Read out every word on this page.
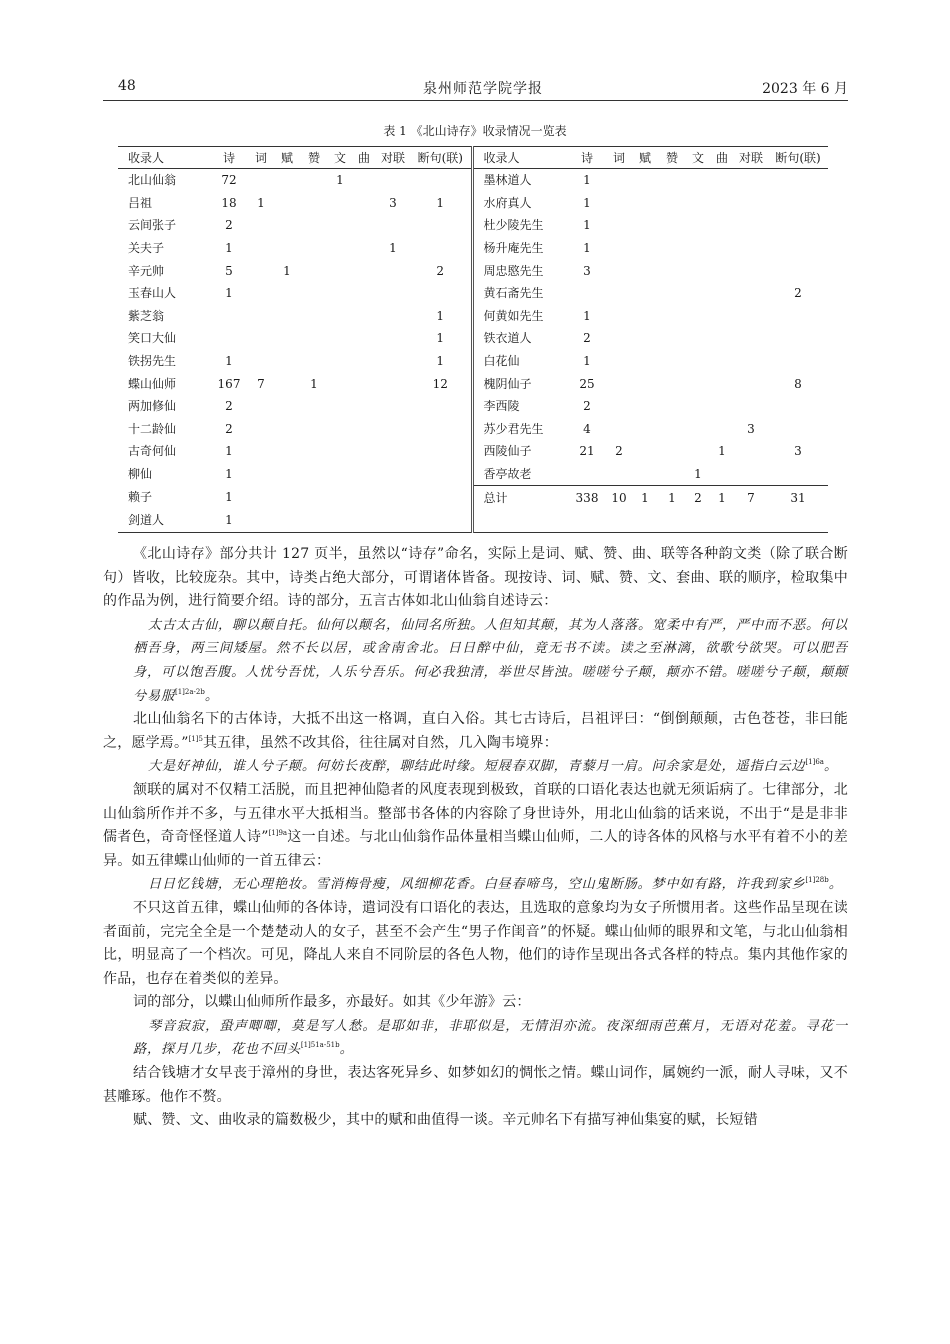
48	泉州师范学院学报	2023 年 6 月
表 1 《北山诗存》收录情况一览表
收录人	诗	词	赋	赞	文	曲	对联	断句(联)	收录人	诗	词	赋	赞	文	曲	对联	断句(联)
北山仙翁	72				1				墨林道人	1							
吕祖	18	1					3	1	水府真人	1							
云间张子	2								杜少陵先生	1							
关夫子	1						1		杨升庵先生	1							
辛元帅	5		1					2	周忠愍先生	3							
玉春山人	1								黄石斋先生								2
紫芝翁								1	何黄如先生	1							
笑口大仙								1	铁衣道人	2							
铁拐先生	1							1	白花仙	1							
蝶山仙师	167	7		1				12	槐阴仙子	25							8
两加修仙	2								李西陵	2							
十二龄仙	2								苏少君先生	4						3	
古奇何仙	1								西陵仙子	21	2				1		3
柳仙	1								香亭故老					1			
赖子	1								总计	338	10	1	1	2	1	7	31
剑道人	1																

《北山诗存》部分共计 127 页半，虽然以“诗存”命名，实际上是词、赋、赞、曲、联等各种韵文类（除了联合断句）皆收，比较庞杂。其中，诗类占绝大部分，可谓诸体皆备。现按诗、词、赋、赞、文、套曲、联的顺序，检取集中的作品为例，进行简要介绍。诗的部分，五言古体如北山仙翁自述诗云：

太古太古仙，聊以颠自托。仙何以颠名，仙同名所独。人但知其颠，其为人落落。宽柔中有严，严中而不恶。何以栖吾身，两三间矮屋。然不长以居，或舍南舍北。日日醉中仙，竟无书不读。读之至淋漓，欲歌兮欲哭。可以肥吾身，可以饱吾腹。人忧兮吾忧，人乐兮吾乐。何必我独清，举世尽皆浊。嗟嗟兮子颠，颠亦不错。嗟嗟兮子颠，颠颠兮易服$^{[1]2a-2b}$。

北山仙翁名下的古体诗，大抵不出这一格调，直白入俗。其七古诗后，吕祖评曰：“倒倒颠颠，古色苍苍，非曰能之，愿学焉。”$^{[1]5}$其五律，虽然不改其俗，往往属对自然，几入陶韦境界：

大是好神仙，谁人兮子颠。何妨长夜醉，聊结此时缘。短屐春双脚，青藜月一肩。问余家是处，遥指白云边$^{[1]6a}$。

颔联的属对不仅精工活脱，而且把神仙隐者的风度表现到极致，首联的口语化表达也就无须诟病了。七律部分，北山仙翁所作并不多，与五律水平大抵相当。整部书各体的内容除了身世诗外，用北山仙翁的话来说，不出于“是是非非儒者色，奇奇怪怪道人诗”$^{[1]9a}$这一自述。与北山仙翁作品体量相当蝶山仙师，二人的诗各体的风格与水平有着不小的差异。如五律蝶山仙师的一首五律云：

日日忆钱塘，无心理艳妆。雪消梅骨瘦，风细柳花香。白昼春啼鸟，空山鬼断肠。梦中如有路，许我到家乡$^{[1]28b}$。

不只这首五律，蝶山仙师的各体诗，遣词没有口语化的表达，且选取的意象均为女子所惯用者。这些作品呈现在读者面前，完完全全是一个楚楚动人的女子，甚至不会产生“男子作闺音”的怀疑。蝶山仙师的眼界和文笔，与北山仙翁相比，明显高了一个档次。可见，降乩人来自不同阶层的各色人物，他们的诗作呈现出各式各样的特点。集内其他作家的作品，也存在着类似的差异。

词的部分，以蝶山仙师所作最多，亦最好。如其《少年游》云：

琴音寂寂，蛩声唧唧，莫是写人愁。是耶如非，非耶似是，无情泪亦流。夜深细雨芭蕉月，无语对花羞。寻花一路，探月几步，花也不回头$^{[1]51a-51b}$。

结合钱塘才女早丧于漳州的身世，表达客死异乡、如梦如幻的惆怅之情。蝶山词作，属婉约一派，耐人寻味，又不甚雕琢。他作不赘。

赋、赞、文、曲收录的篇数极少，其中的赋和曲值得一谈。辛元帅名下有描写神仙集宴的赋，长短错
